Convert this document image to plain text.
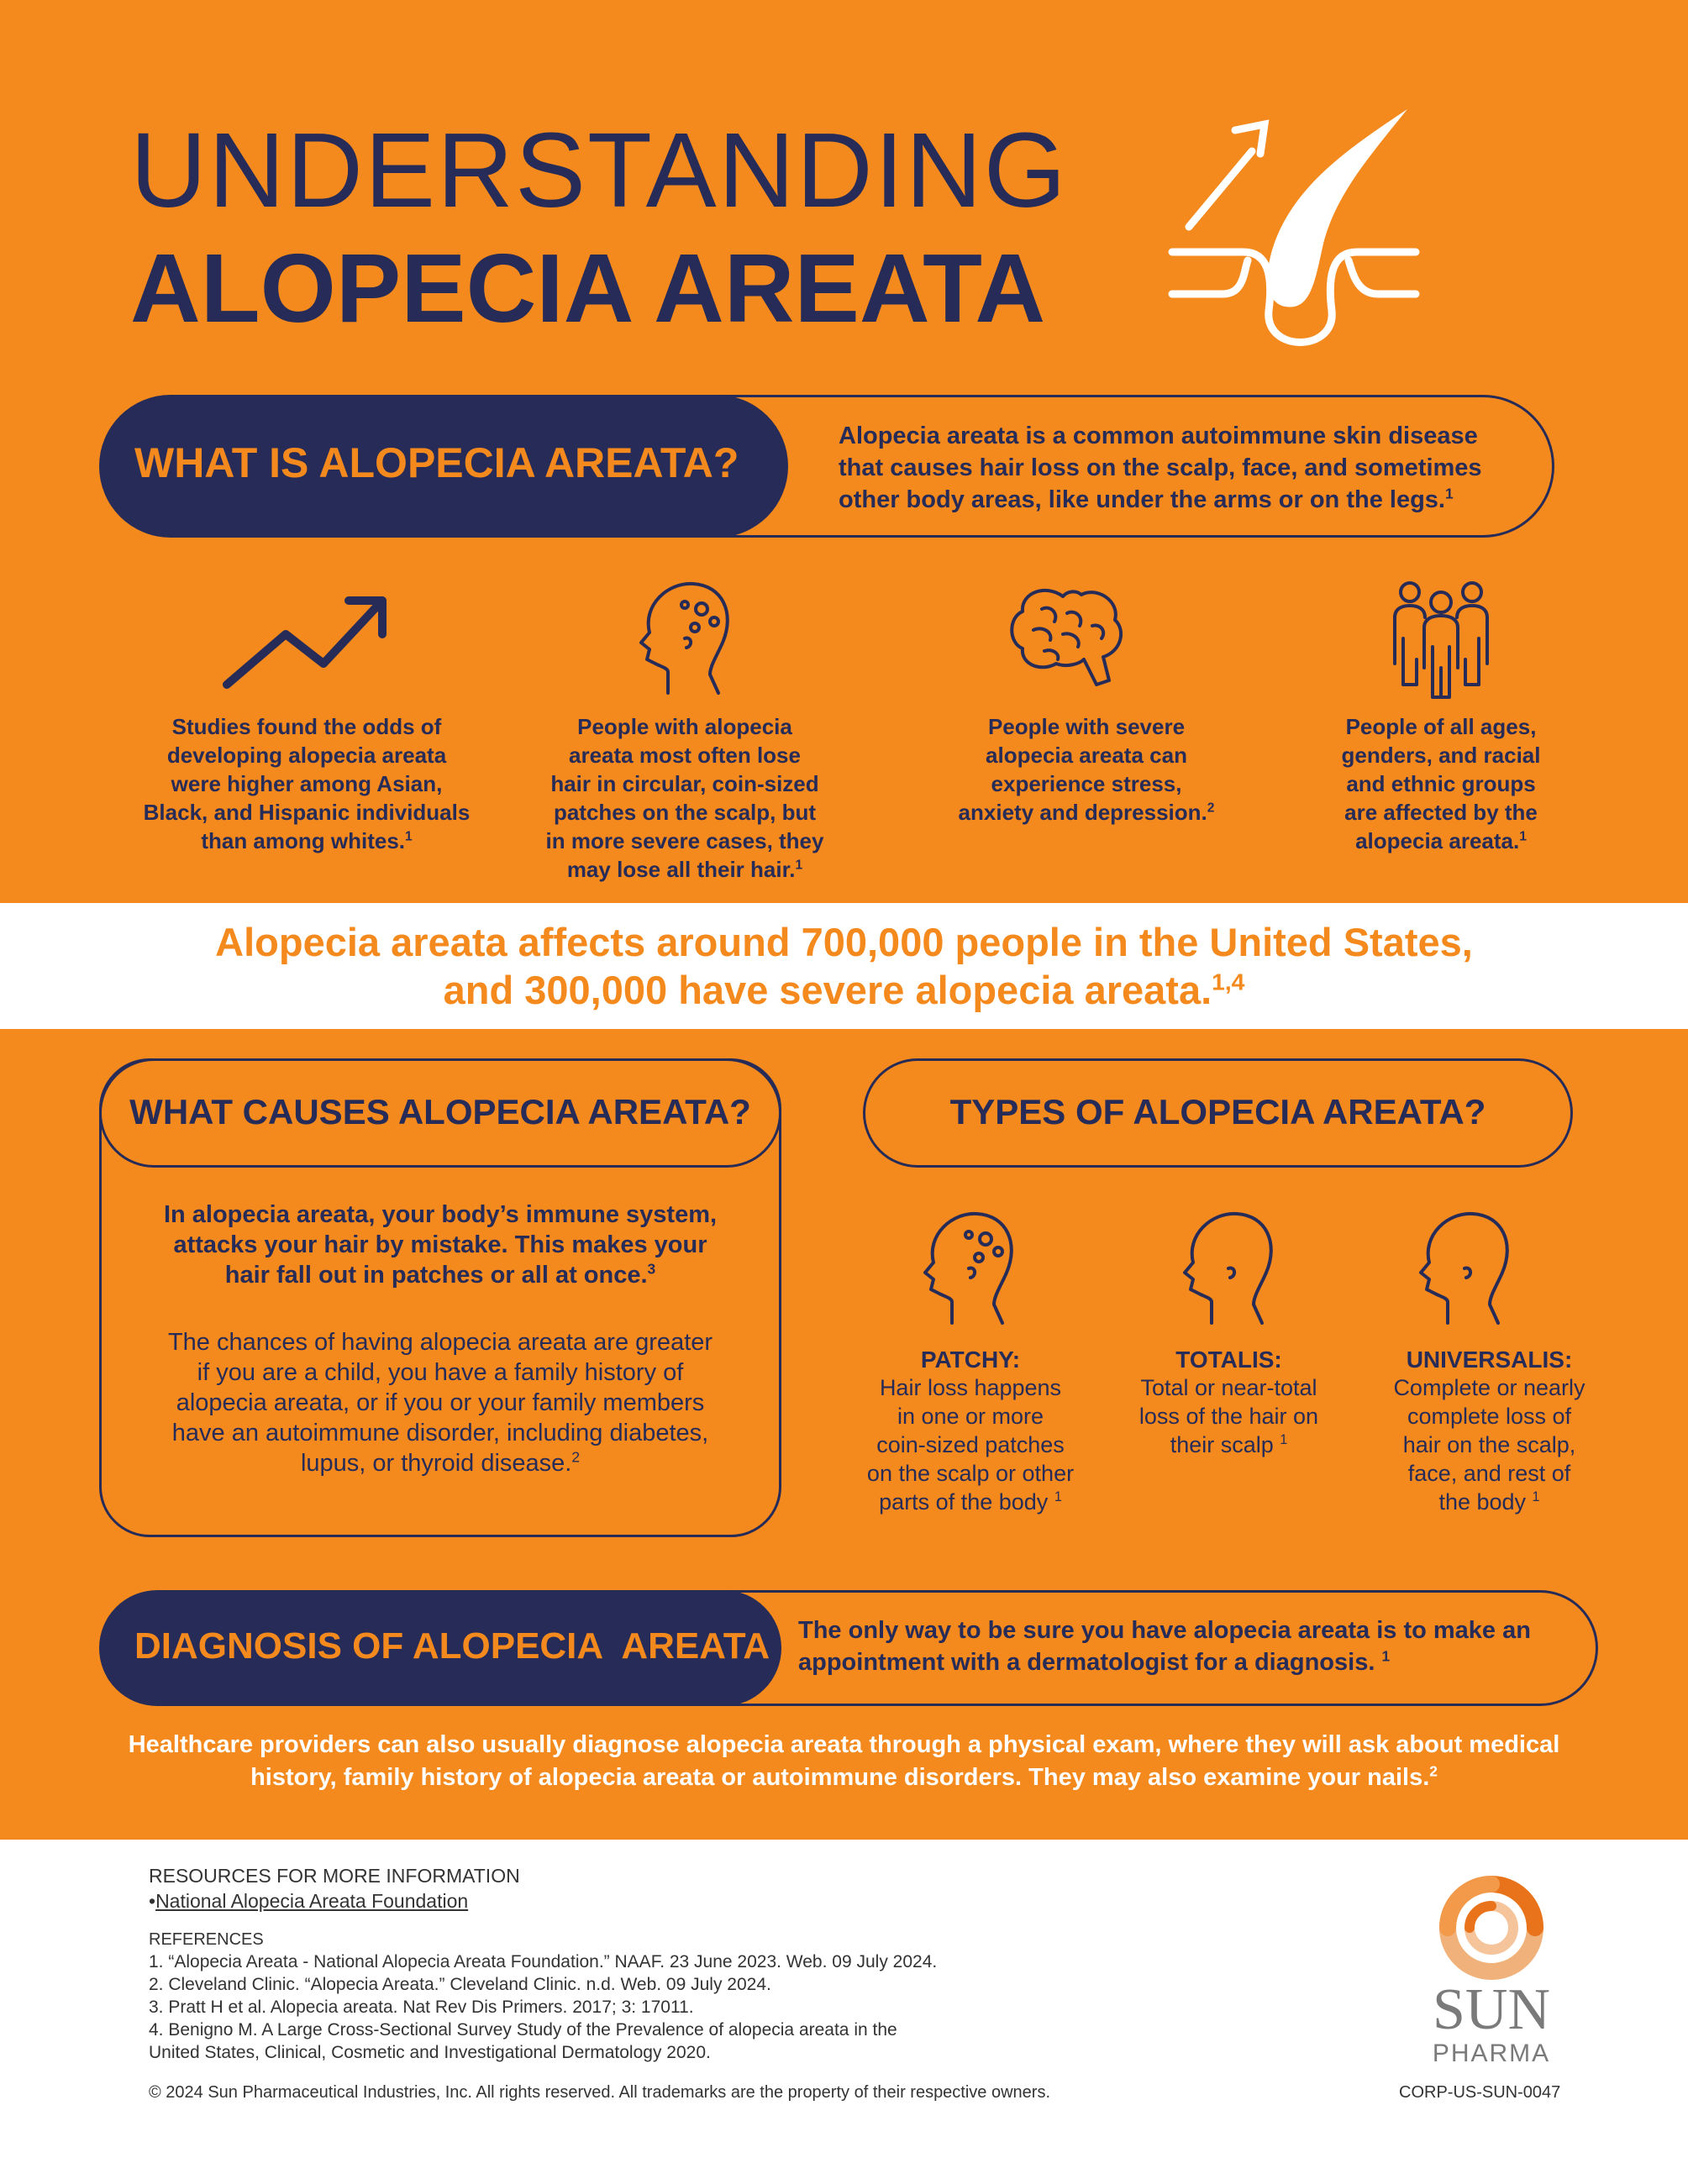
UNDERSTANDING
ALOPECIA AREATA
WHAT IS ALOPECIA AREATA?
Alopecia areata is a common autoimmune skin disease
that causes hair loss on the scalp, face, and sometimes
other body areas, like under the arms or on the legs.$^1$
Studies found the odds of
developing alopecia areata
were higher among Asian,
Black, and Hispanic individuals
than among whites.$^1$
People with alopecia
areata most often lose
hair in circular, coin-sized
patches on the scalp, but
in more severe cases, they
may lose all their hair.$^1$
People with severe
alopecia areata can
experience stress,
anxiety and depression.$^2$
People of all ages,
genders, and racial
and ethnic groups
are affected by the
alopecia areata.$^1$
Alopecia areata affects around 700,000 people in the United States,
and 300,000 have severe alopecia areata.$^{1,4}$
WHAT CAUSES ALOPECIA AREATA?
In alopecia areata, your body’s immune system,
attacks your hair by mistake. This makes your
hair fall out in patches or all at once.$^3$
The chances of having alopecia areata are greater
if you are a child, you have a family history of
alopecia areata, or if you or your family members
have an autoimmune disorder, including diabetes,
lupus, or thyroid disease.$^2$
TYPES OF ALOPECIA AREATA?
PATCHY:
Hair loss happens
in one or more
coin-sized patches
on the scalp or other
parts of the body $^1$
TOTALIS:
Total or near-total
loss of the hair on
their scalp $^1$
UNIVERSALIS:
Complete or nearly
complete loss of
hair on the scalp,
face, and rest of
the body $^1$
DIAGNOSIS OF ALOPECIA  AREATA The only way to be sure you have alopecia areata is to make an
appointment with a dermatologist for a diagnosis. $^1$
Healthcare providers can also usually diagnose alopecia areata through a physical exam, where they will ask about medical
history, family history of alopecia areata or autoimmune disorders. They may also examine your nails.$^2$
RESOURCES FOR MORE INFORMATION
•National Alopecia Areata Foundation
REFERENCES
1. “Alopecia Areata - National Alopecia Areata Foundation.” NAAF. 23 June 2023. Web. 09 July 2024.
2. Cleveland Clinic. “Alopecia Areata.” Cleveland Clinic. n.d. Web. 09 July 2024.
3. Pratt H et al. Alopecia areata. Nat Rev Dis Primers. 2017; 3: 17011.
4. Benigno M. A Large Cross-Sectional Survey Study of the Prevalence of alopecia areata in the
United States, Clinical, Cosmetic and Investigational Dermatology 2020.
© 2024 Sun Pharmaceutical Industries, Inc. All rights reserved. All trademarks are the property of their respective owners.	CORP-US-SUN-0047
SUN
PHARMA
